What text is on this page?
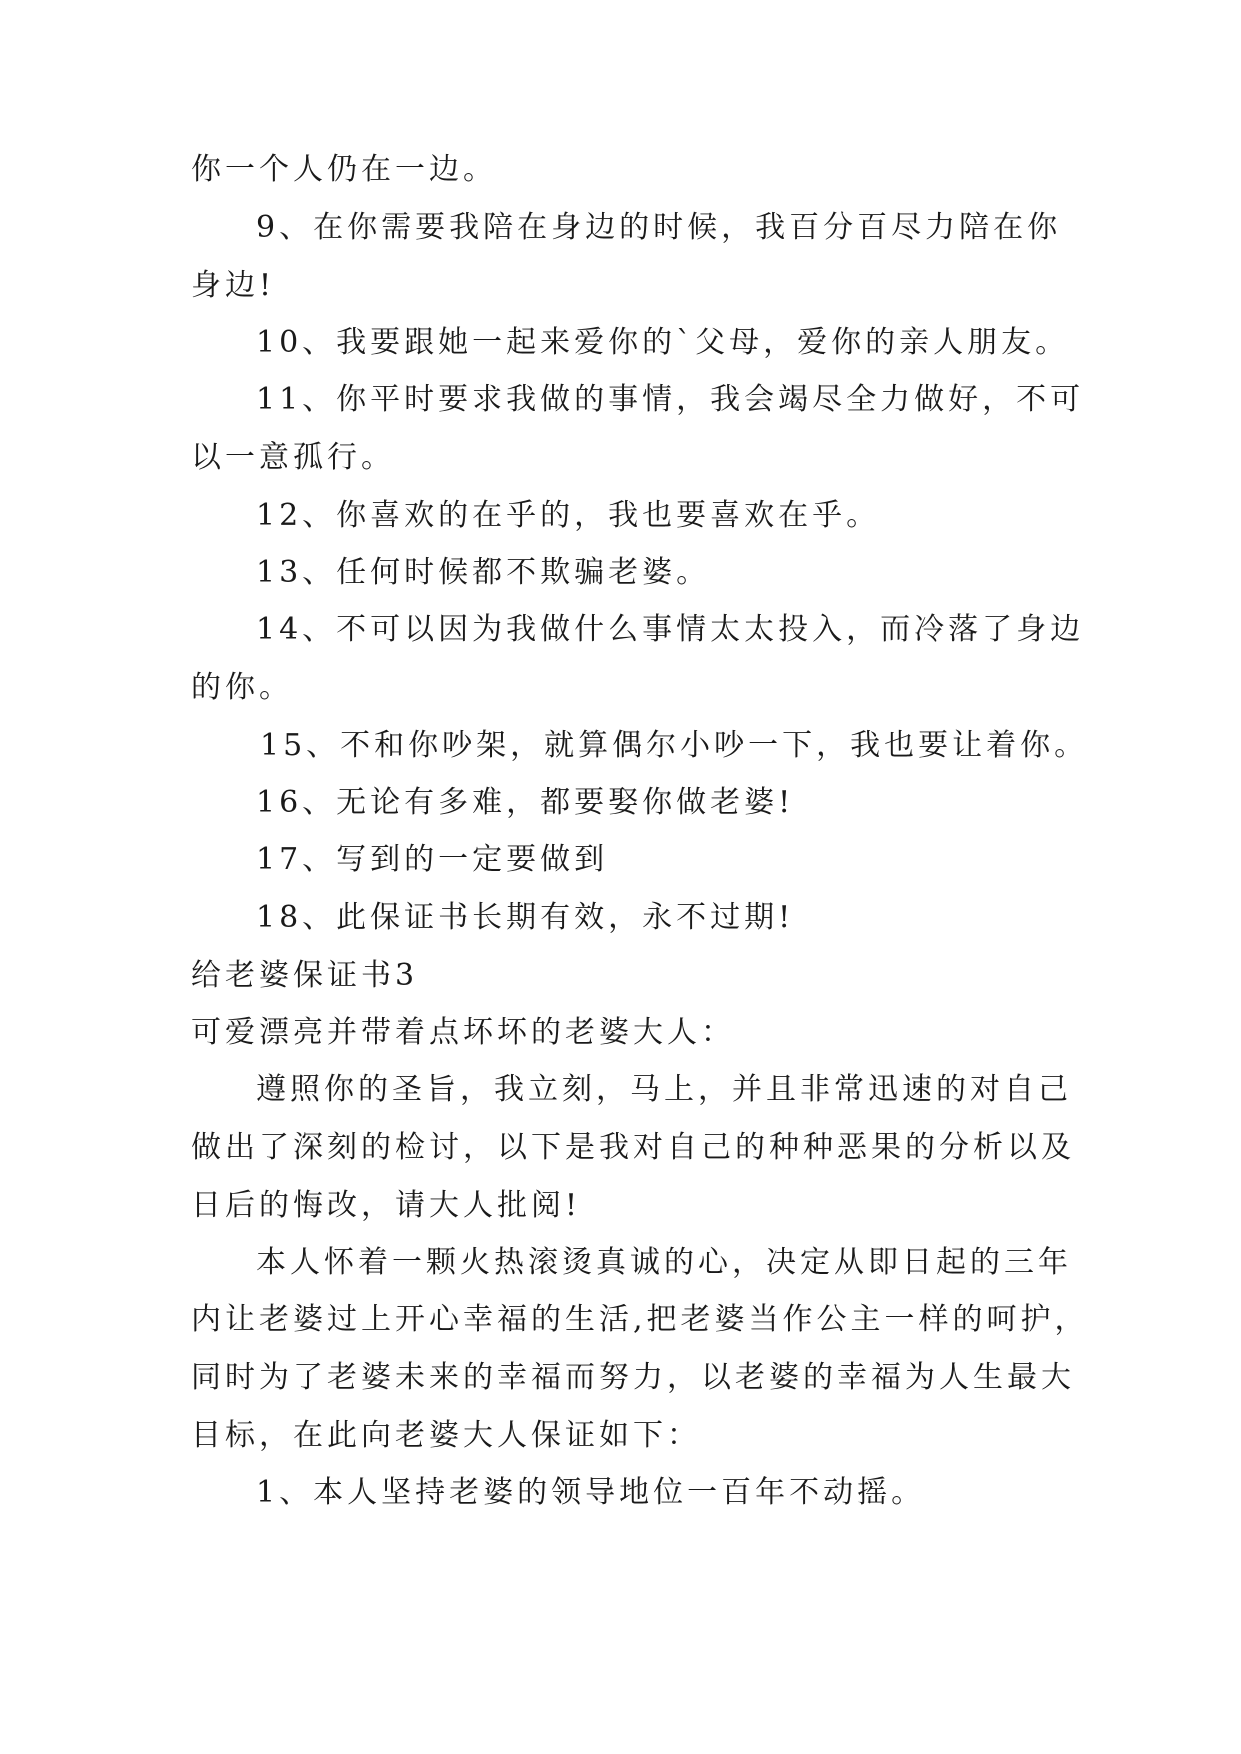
你一个人仍在一边。
9、在你需要我陪在身边的时候，我百分百尽力陪在你
身边!
10、我要跟她一起来爱你的`父母，爱你的亲人朋友。
11、你平时要求我做的事情，我会竭尽全力做好，不可
以一意孤行。
12、你喜欢的在乎的，我也要喜欢在乎。
13、任何时候都不欺骗老婆。
14、不可以因为我做什么事情太太投入，而冷落了身边
的你。
15、不和你吵架，就算偶尔小吵一下，我也要让着你。
16、无论有多难，都要娶你做老婆!
17、写到的一定要做到
18、此保证书长期有效，永不过期!
给老婆保证书3
可爱漂亮并带着点坏坏的老婆大人：
遵照你的圣旨，我立刻，马上，并且非常迅速的对自己
做出了深刻的检讨，以下是我对自己的种种恶果的分析以及
日后的悔改，请大人批阅!
本人怀着一颗火热滚烫真诚的心，决定从即日起的三年
内让老婆过上开心幸福的生活,把老婆当作公主一样的呵护，
同时为了老婆未来的幸福而努力，以老婆的幸福为人生最大
目标，在此向老婆大人保证如下：
1、本人坚持老婆的领导地位一百年不动摇。
